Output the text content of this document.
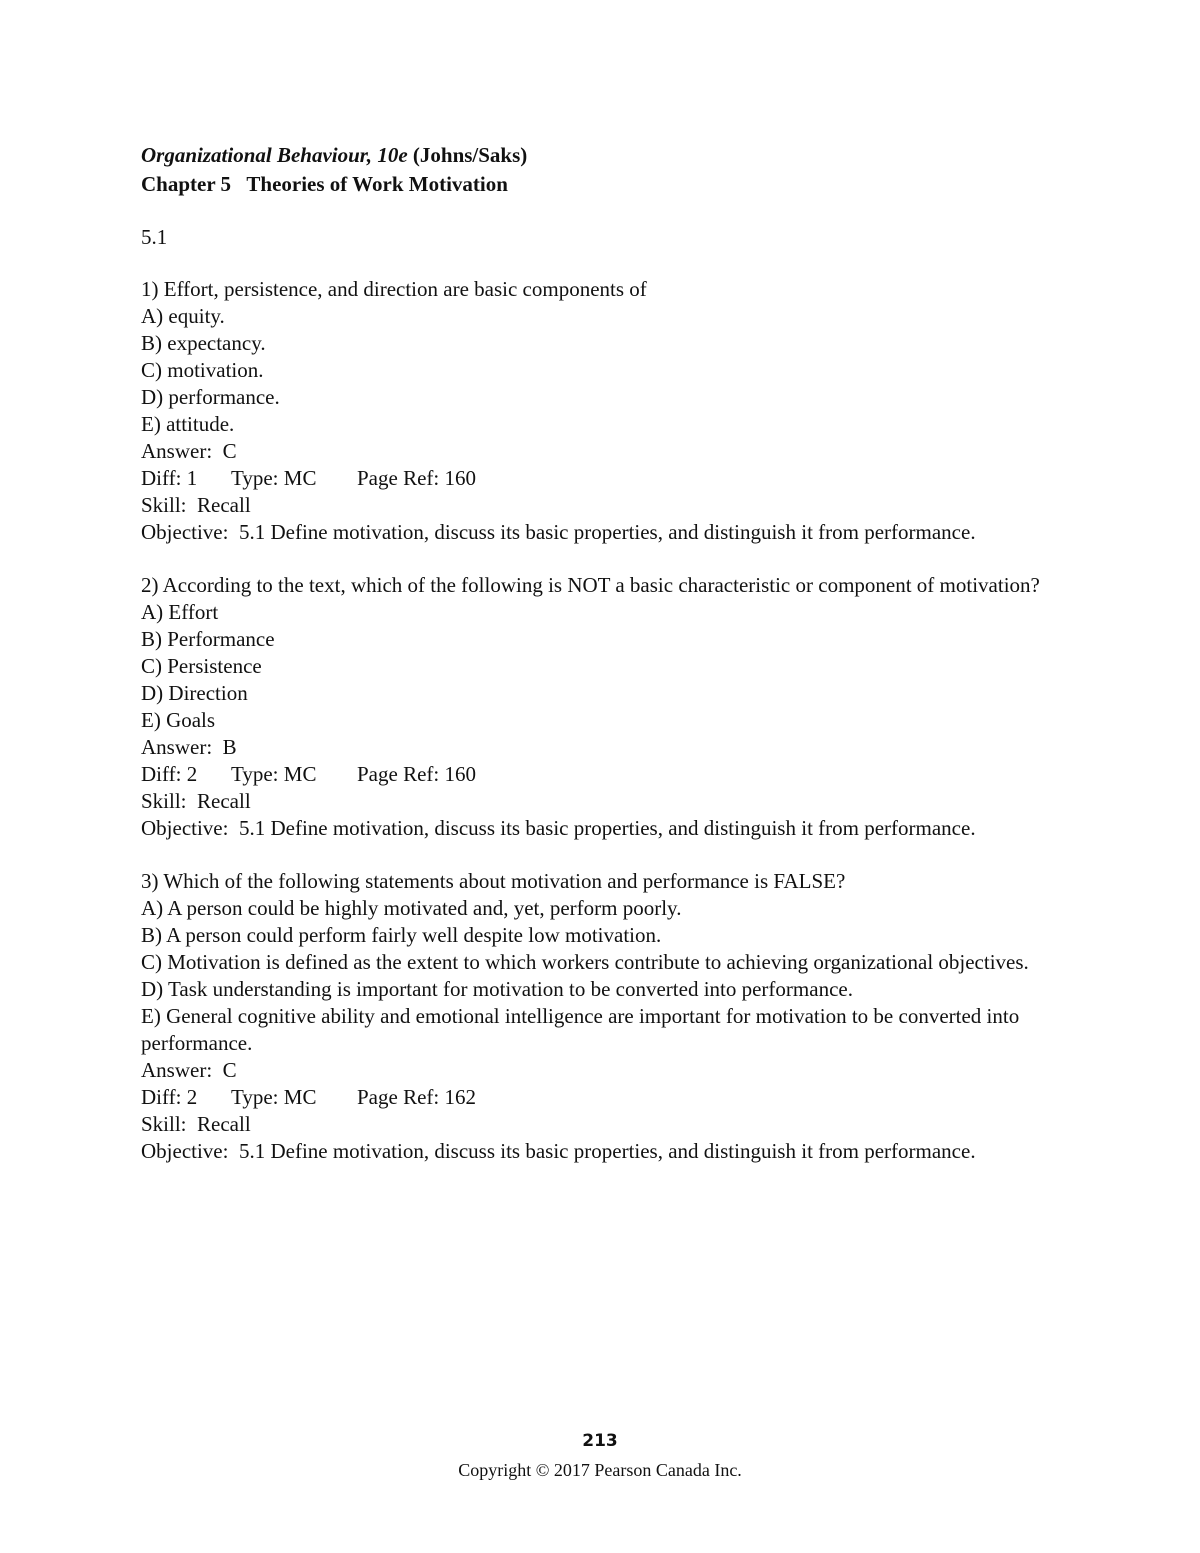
Organizational Behaviour, 10e (Johns/Saks)
Chapter 5   Theories of Work Motivation
5.1
1) Effort, persistence, and direction are basic components of
A) equity.
B) expectancy.
C) motivation.
D) performance.
E) attitude.
Answer:  C
Diff: 1 Type: MC Page Ref: 160
Skill:  Recall
Objective:  5.1 Define motivation, discuss its basic properties, and distinguish it from performance.
2) According to the text, which of the following is NOT a basic characteristic or component of motivation?
A) Effort
B) Performance
C) Persistence
D) Direction
E) Goals
Answer:  B
Diff: 2 Type: MC Page Ref: 160
Skill:  Recall
Objective:  5.1 Define motivation, discuss its basic properties, and distinguish it from performance.
3) Which of the following statements about motivation and performance is FALSE?
A) A person could be highly motivated and, yet, perform poorly.
B) A person could perform fairly well despite low motivation.
C) Motivation is defined as the extent to which workers contribute to achieving organizational objectives.
D) Task understanding is important for motivation to be converted into performance.
E) General cognitive ability and emotional intelligence are important for motivation to be converted into performance.
Answer:  C
Diff: 2 Type: MC Page Ref: 162
Skill:  Recall
Objective:  5.1 Define motivation, discuss its basic properties, and distinguish it from performance.
213
Copyright © 2017 Pearson Canada Inc.
